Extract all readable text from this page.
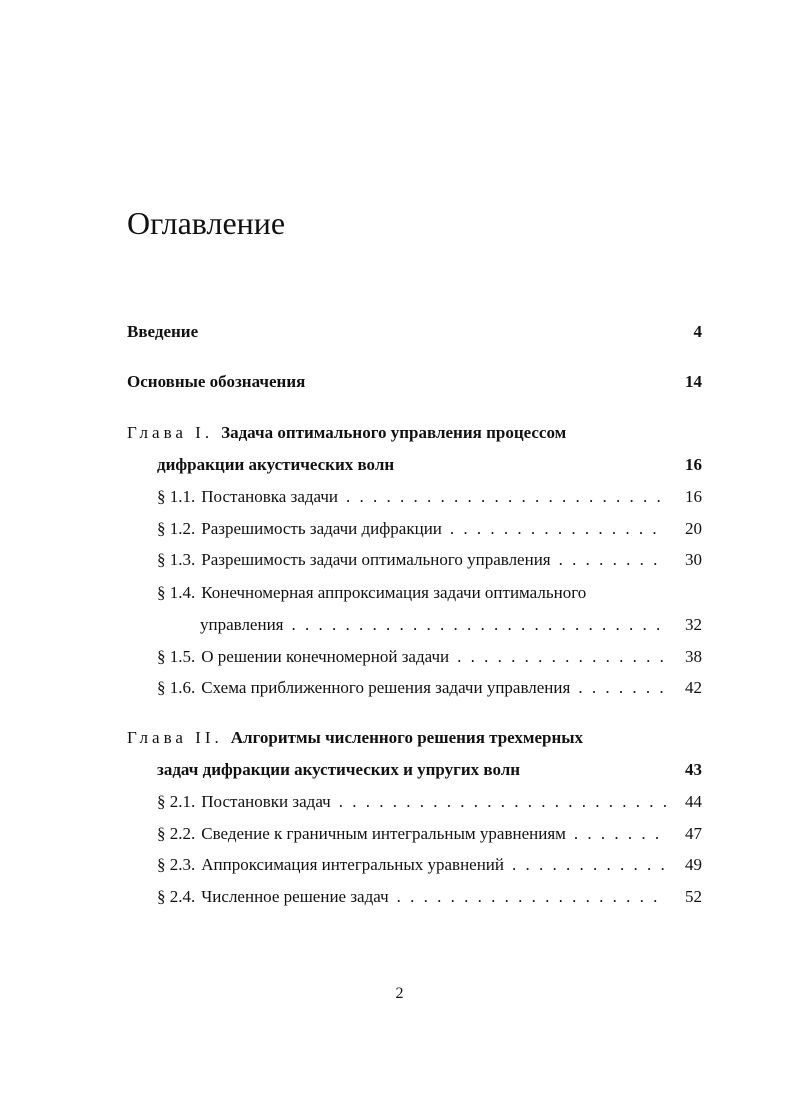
Оглавление
Введение	4
Основные обозначения	14
Глава I. Задача оптимального управления процессом
дифракции акустических волн	16
§ 1.1. Постановка задачи . . .	16
§ 1.2. Разрешимость задачи дифракции . . .	20
§ 1.3. Разрешимость задачи оптимального управления . . .	30
§ 1.4. Конечномерная аппроксимация задачи оптимального
управления . . .	32
§ 1.5. О решении конечномерной задачи . . .	38
§ 1.6. Схема приближенного решения задачи управления . . .	42
Глава II. Алгоритмы численного решения трехмерных
задач дифракции акустических и упругих волн	43
§ 2.1. Постановки задач . . .	44
§ 2.2. Сведение к граничным интегральным уравнениям . . .	47
§ 2.3. Аппроксимация интегральных уравнений . . .	49
§ 2.4. Численное решение задач . . .	52
2
